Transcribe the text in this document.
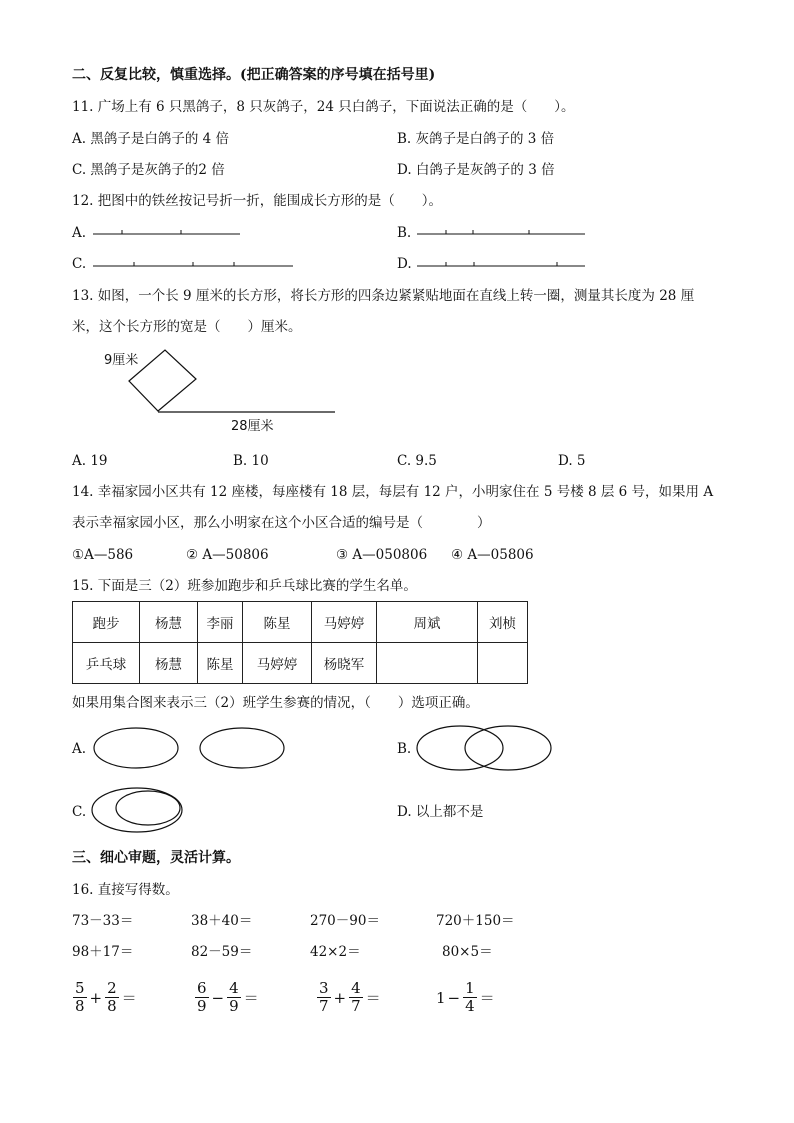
二、反复比较，慎重选择。(把正确答案的序号填在括号里)
11. 广场上有 6 只黑鸽子，8 只灰鸽子，24 只白鸽子，下面说法正确的是（　　）。
A. 黑鸽子是白鸽子的 4 倍	B. 灰鸽子是白鸽子的 3 倍
C. 黑鸽子是灰鸽子的2 倍	D. 白鸽子是灰鸽子的 3 倍
12. 把图中的铁丝按记号折一折，能围成长方形的是（　　）。
A.	B.
C.	D.
13. 如图，一个长 9 厘米的长方形，将长方形的四条边紧紧贴地面在直线上转一圈，测量其长度为 28 厘
米，这个长方形的宽是（　　）厘米。
9厘米
28厘米
A. 19	B. 10	C. 9.5	D. 5
14. 幸福家园小区共有 12 座楼，每座楼有 18 层，每层有 12 户，小明家住在 5 号楼 8 层 6 号，如果用 A
表示幸福家园小区，那么小明家在这个小区合适的编号是（　　　　）
①A—586	② A—50806	③ A—050806 ④ A—05806
15. 下面是三（2）班参加跑步和乒乓球比赛的学生名单。
跑步	杨慧	李丽	陈星	马婷婷	周斌	刘桢
乒乓球	杨慧	陈星	马婷婷	杨晓军		
如果用集合图来表示三（2）班学生参赛的情况，（　　）选项正确。
A.	B.
C.	D. 以上都不是
三、细心审题，灵活计算。
16. 直接写得数。
73－33＝	38＋40＝	270－90＝	720＋150＝
98＋17＝	82－59＝	42×2＝	80×5＝
$\frac{5}{8} + \frac{2}{8}$ ＝	$\frac{6}{9} - \frac{4}{9}$ ＝	$\frac{3}{7} + \frac{4}{7}$ ＝	$1 - \frac{1}{4}$ ＝
